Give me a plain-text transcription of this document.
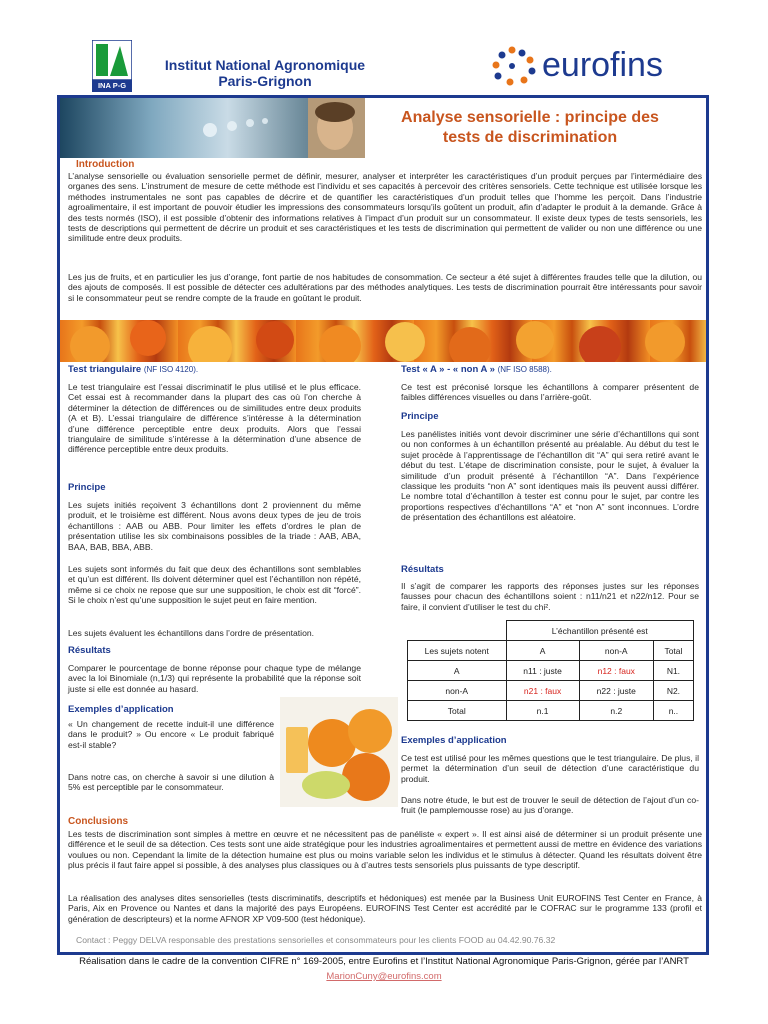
INA P-G
Institut National Agronomique
Paris-Grignon	eurofins
Analyse sensorielle : principe des
tests de discrimination
Introduction
L’analyse sensorielle ou évaluation sensorielle permet de définir, mesurer, analyser et interpréter les caractéristiques d’un produit perçues par l’intermédiaire des organes des sens. L’instrument de mesure de cette méthode est l’individu et ses capacités à percevoir des critères sensoriels. Cette technique est utilisée lorsque les méthodes instrumentales ne sont pas capables de décrire et de quantifier les caractéristiques d’un produit telles que l’homme les perçoit. Dans l’industrie agroalimentaire, il est important de pouvoir étudier les impressions des consommateurs lorsqu’ils goûtent un produit, afin d’adapter le produit à la demande. Grâce à des tests normés (ISO), il est possible d’obtenir des informations relatives à l’impact d’un produit sur un consommateur. Il existe deux types de tests sensoriels, les tests de descriptions qui permettent de décrire un produit et ses caractéristiques et les tests de discrimination qui permettent de valider ou non une différence ou une similitude entre deux produits.
Les jus de fruits, et en particulier les jus d’orange, font partie de nos habitudes de consommation. Ce secteur a été sujet à différentes fraudes telle que la dilution, ou des ajouts de composés. Il est possible de détecter ces adultérations par des méthodes analytiques. Les tests de discrimination pourrait être intéressants pour savoir si le consommateur peut se rendre compte de la fraude en goûtant le produit.
Test triangulaire (NF ISO 4120).
Le test triangulaire est l’essai discriminatif le plus utilisé et le plus efficace. Cet essai est à recommander dans la plupart des cas où l’on cherche à déterminer la détection de différences ou de similitudes entre deux produits (A et B). L’essai triangulaire de différence s’intéresse à la détermination d’une différence perceptible entre deux produits. Alors que l’essai triangulaire de similitude s’intéresse à la détermination d’une absence de différence perceptible entre deux produits.
Principe
Les sujets initiés reçoivent 3 échantillons dont 2 proviennent du même produit, et le troisième est différent. Nous avons deux types de jeu de trois échantillons : AAB ou ABB. Pour limiter les effets d’ordres le plan de présentation utilise les six combinaisons possibles de la triade : AAB, ABA, BAA, BAB, BBA, ABB.
Les sujets sont informés du fait que deux des échantillons sont semblables et qu’un est différent. Ils doivent déterminer quel est l’échantillon non répété, même si ce choix ne repose que sur une supposition, le choix est dit “forcé”. Si le choix n’est qu’une supposition le sujet peut en faire mention.
Les sujets évaluent les échantillons dans l’ordre de présentation.
Résultats
Comparer le pourcentage de bonne réponse pour chaque type de mélange avec la loi Binomiale (n,1/3) qui représente la probabilité que la réponse soit juste si elle est donnée au hasard.
Exemples d’application
« Un changement de recette induit-il une différence dans le produit? » Ou encore « Le produit fabriqué est-il stable?
Dans notre cas, on cherche à savoir si une dilution à 5% est perceptible par le consommateur.
Test « A » - « non A » (NF ISO 8588).
Ce test est préconisé lorsque les échantillons à comparer présentent de faibles différences visuelles ou dans l’arrière-goût.
Principe
Les panélistes initiés vont devoir discriminer une série d’échantillons qui sont ou non conformes à un échantillon présenté au préalable. Au début du test le sujet procède à l’apprentissage de l’échantillon dit “A” qui sera retiré avant le début du test. L’étape de discrimination consiste, pour le sujet, à évaluer la similitude d’un produit présenté à l’échantillon “A”. Dans l’expérience classique les produits “non A” sont identiques mais ils peuvent aussi différer. Le nombre total d’échantillon à tester est connu pour le sujet, par contre les proportions respectives d’échantillons “A” et “non A” sont inconnues. L’ordre de présentation des échantillons est aléatoire.
Résultats
Il s’agit de comparer les rapports des réponses justes sur les réponses fausses pour chacun des échantillons soient : n11/n21 et n22/n12. Pour se faire, il convient d’utiliser le test du chi².
	L’échantillon présenté est		
Les sujets notent	A	non-A	Total
A	n11 : juste	n12 : faux	N1.
non-A	n21 : faux	n22 : juste	N2.
Total	n.1	n.2	n..
Exemples d’application
Ce test est utilisé pour les mêmes questions que le test triangulaire. De plus, il permet la détermination d’un seuil de détection d’une caractéristique du produit.
Dans notre étude, le but est de trouver le seuil de détection de l’ajout d’un co-fruit (le pamplemousse rose) au jus d’orange.
Conclusions
Les tests de discrimination sont simples à mettre en œuvre et ne nécessitent pas de panéliste « expert ». Il est ainsi aisé de déterminer si un produit présente une différence et le seuil de sa détection. Ces tests sont une aide stratégique pour les industries agroalimentaires et permettent aussi de mettre en évidence des variations voulues ou non. Cependant la limite de la détection humaine est plus ou moins variable selon les individus et le stimulus à détecter. Quand les résultats doivent être plus précis il faut faire appel si possible, à des analyses plus classiques ou à d’autres tests sensoriels plus puissants de type descriptif.
La réalisation des analyses dites sensorielles (tests discriminatifs, descriptifs et hédoniques) est menée par la Business Unit EUROFINS Test Center en France, à Paris, Aix en Provence ou Nantes et dans la majorité des pays Européens. EUROFINS Test Center est accrédité par le COFRAC sur le programme 133 (profil et génération de descripteurs) et la norme AFNOR XP V09-500 (test hédonique).
Contact : Peggy DELVA responsable des prestations sensorielles et consommateurs pour les clients FOOD au 04.42.90.76.32
Réalisation dans le cadre de la convention CIFRE n° 169-2005, entre Eurofins et l’Institut National Agronomique Paris-Grignon, gérée par l’ANRT
MarionCuny@eurofins.com
